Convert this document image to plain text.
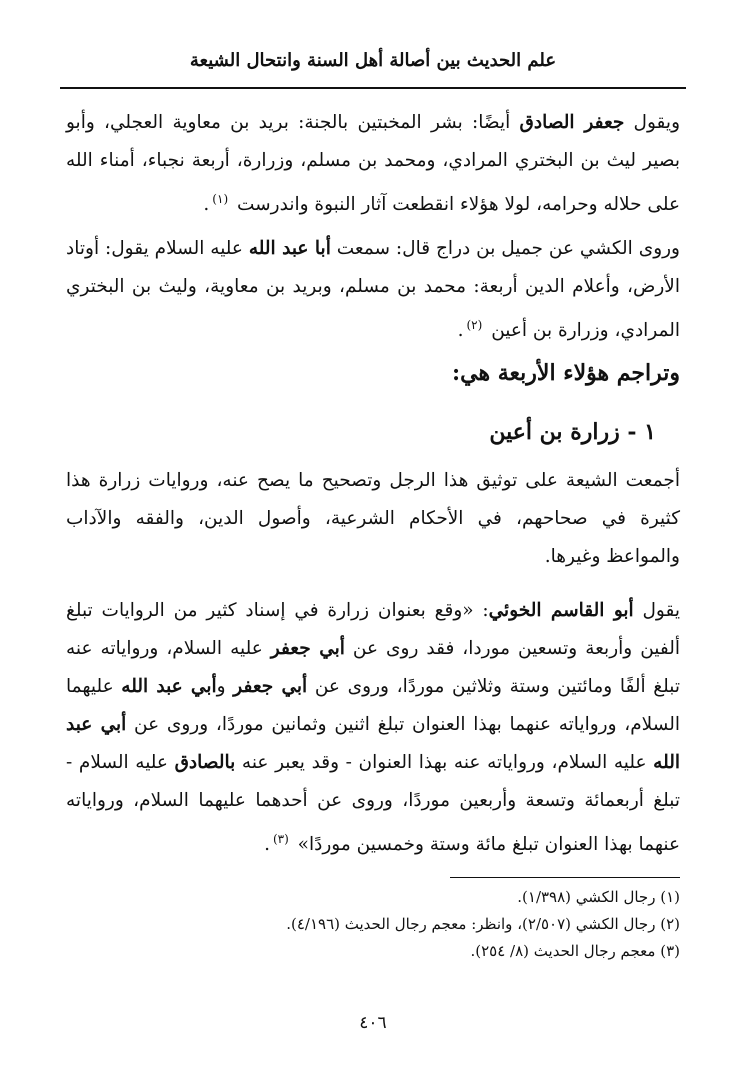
علم الحديث بين أصالة أهل السنة وانتحال الشيعة

ويقول جعفر الصادق أيضًا: بشر المخبتين بالجنة: بريد بن معاوية العجلي، وأبو بصير ليث بن البختري المرادي، ومحمد بن مسلم، وزرارة، أربعة نجباء، أمناء الله على حلاله وحرامه، لولا هؤلاء انقطعت آثار النبوة واندرست $^{(١)}$.

وروى الكشي عن جميل بن دراج قال: سمعت أبا عبد الله عليه السلام يقول: أوتاد الأرض، وأعلام الدين أربعة: محمد بن مسلم، وبريد بن معاوية، وليث بن البختري المرادي، وزرارة بن أعين $^{(٢)}$.

وتراجم هؤلاء الأربعة هي:
١ - زرارة بن أعين

أجمعت الشيعة على توثيق هذا الرجل وتصحيح ما يصح عنه، وروايات زرارة هذا كثيرة في صحاحهم، في الأحكام الشرعية، وأصول الدين، والفقه والآداب والمواعظ وغيرها.

يقول أبو القاسم الخوئي: «وقع بعنوان زرارة في إسناد كثير من الروايات تبلغ ألفين وأربعة وتسعين موردا، فقد روى عن أبي جعفر عليه السلام، ورواياته عنه تبلغ ألفًا ومائتين وستة وثلاثين موردًا، وروى عن أبي جعفر وأبي عبد الله عليهما السلام، ورواياته عنهما بهذا العنوان تبلغ اثنين وثمانين موردًا، وروى عن أبي عبد الله عليه السلام، ورواياته عنه بهذا العنوان - وقد يعبر عنه بالصادق عليه السلام - تبلغ أربعمائة وتسعة وأربعين موردًا، وروى عن أحدهما عليهما السلام، ورواياته عنهما بهذا العنوان تبلغ مائة وستة وخمسين موردًا» $^{(٣)}$.

(١) رجال الكشي (١/٣٩٨).
(٢) رجال الكشي (٢/٥٠٧)، وانظر: معجم رجال الحديث (٤/١٩٦).
(٣) معجم رجال الحديث (٨/ ٢٥٤).
٤٠٦
